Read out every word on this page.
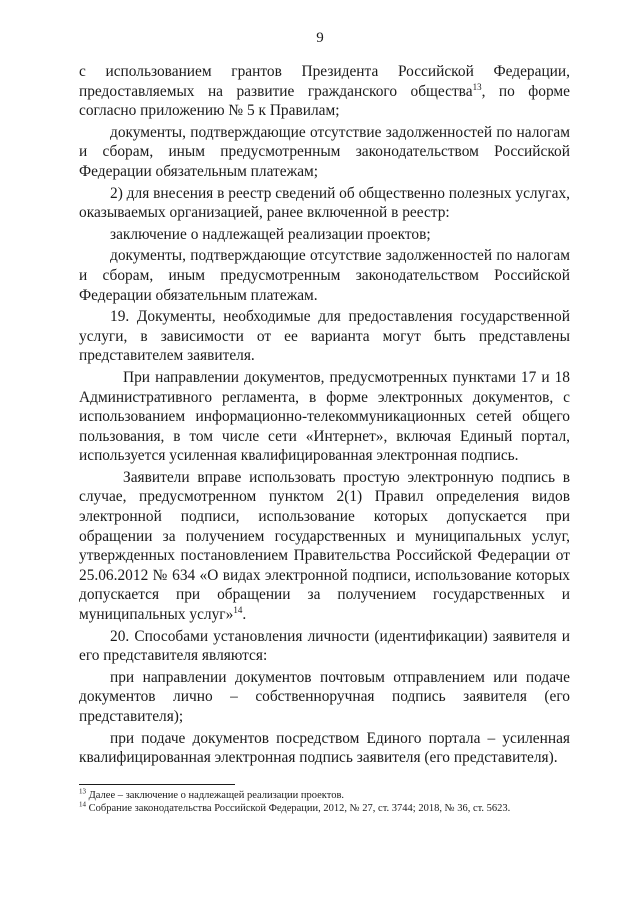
9

с использованием грантов Президента Российской Федерации, предоставляемых на развитие гражданского общества$^{13}$, по форме согласно приложению № 5 к Правилам;

документы, подтверждающие отсутствие задолженностей по налогам и сборам, иным предусмотренным законодательством Российской Федерации обязательным платежам;

2) для внесения в реестр сведений об общественно полезных услугах, оказываемых организацией, ранее включенной в реестр:

заключение о надлежащей реализации проектов;

документы, подтверждающие отсутствие задолженностей по налогам и сборам, иным предусмотренным законодательством Российской Федерации обязательным платежам.

19. Документы, необходимые для предоставления государственной услуги, в зависимости от ее варианта могут быть представлены представителем заявителя.

При направлении документов, предусмотренных пунктами 17 и 18 Административного регламента, в форме электронных документов, с использованием информационно-телекоммуникационных сетей общего пользования, в том числе сети «Интернет», включая Единый портал, используется усиленная квалифицированная электронная подпись.

Заявители вправе использовать простую электронную подпись в случае, предусмотренном пунктом 2(1) Правил определения видов электронной подписи, использование которых допускается при обращении за получением государственных и муниципальных услуг, утвержденных постановлением Правительства Российской Федерации от 25.06.2012 № 634 «О видах электронной подписи, использование которых допускается при обращении за получением государственных и муниципальных услуг»$^{14}$.

20. Способами установления личности (идентификации) заявителя и его представителя являются:

при направлении документов почтовым отправлением или подаче документов лично – собственноручная подпись заявителя (его представителя);

при подаче документов посредством Единого портала – усиленная квалифицированная электронная подпись заявителя (его представителя).

$^{13}$ Далее – заключение о надлежащей реализации проектов.

$^{14}$ Собрание законодательства Российской Федерации, 2012, № 27, ст. 3744; 2018, № 36, ст. 5623.
